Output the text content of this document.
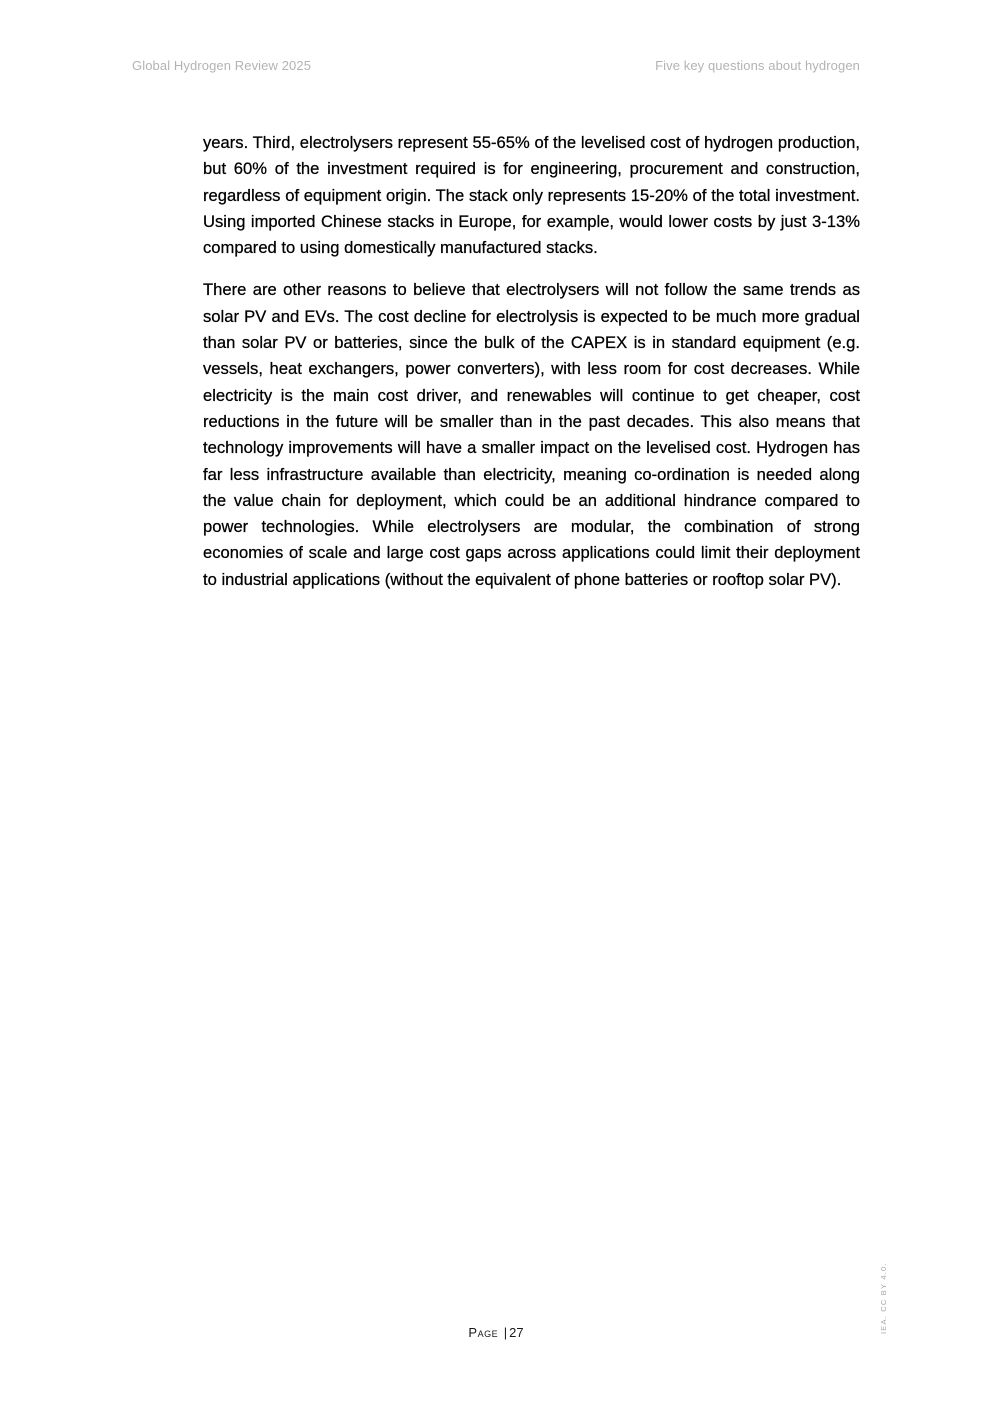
Global Hydrogen Review 2025	Five key questions about hydrogen

years. Third, electrolysers represent 55-65% of the levelised cost of hydrogen production, but 60% of the investment required is for engineering, procurement and construction, regardless of equipment origin. The stack only represents 15-20% of the total investment. Using imported Chinese stacks in Europe, for example, would lower costs by just 3-13% compared to using domestically manufactured stacks.

There are other reasons to believe that electrolysers will not follow the same trends as solar PV and EVs. The cost decline for electrolysis is expected to be much more gradual than solar PV or batteries, since the bulk of the CAPEX is in standard equipment (e.g. vessels, heat exchangers, power converters), with less room for cost decreases. While electricity is the main cost driver, and renewables will continue to get cheaper, cost reductions in the future will be smaller than in the past decades. This also means that technology improvements will have a smaller impact on the levelised cost. Hydrogen has far less infrastructure available than electricity, meaning co-ordination is needed along the value chain for deployment, which could be an additional hindrance compared to power technologies. While electrolysers are modular, the combination of strong economies of scale and large cost gaps across applications could limit their deployment to industrial applications (without the equivalent of phone batteries or rooftop solar PV).

Page | 27	IEA. CC BY 4.0.
